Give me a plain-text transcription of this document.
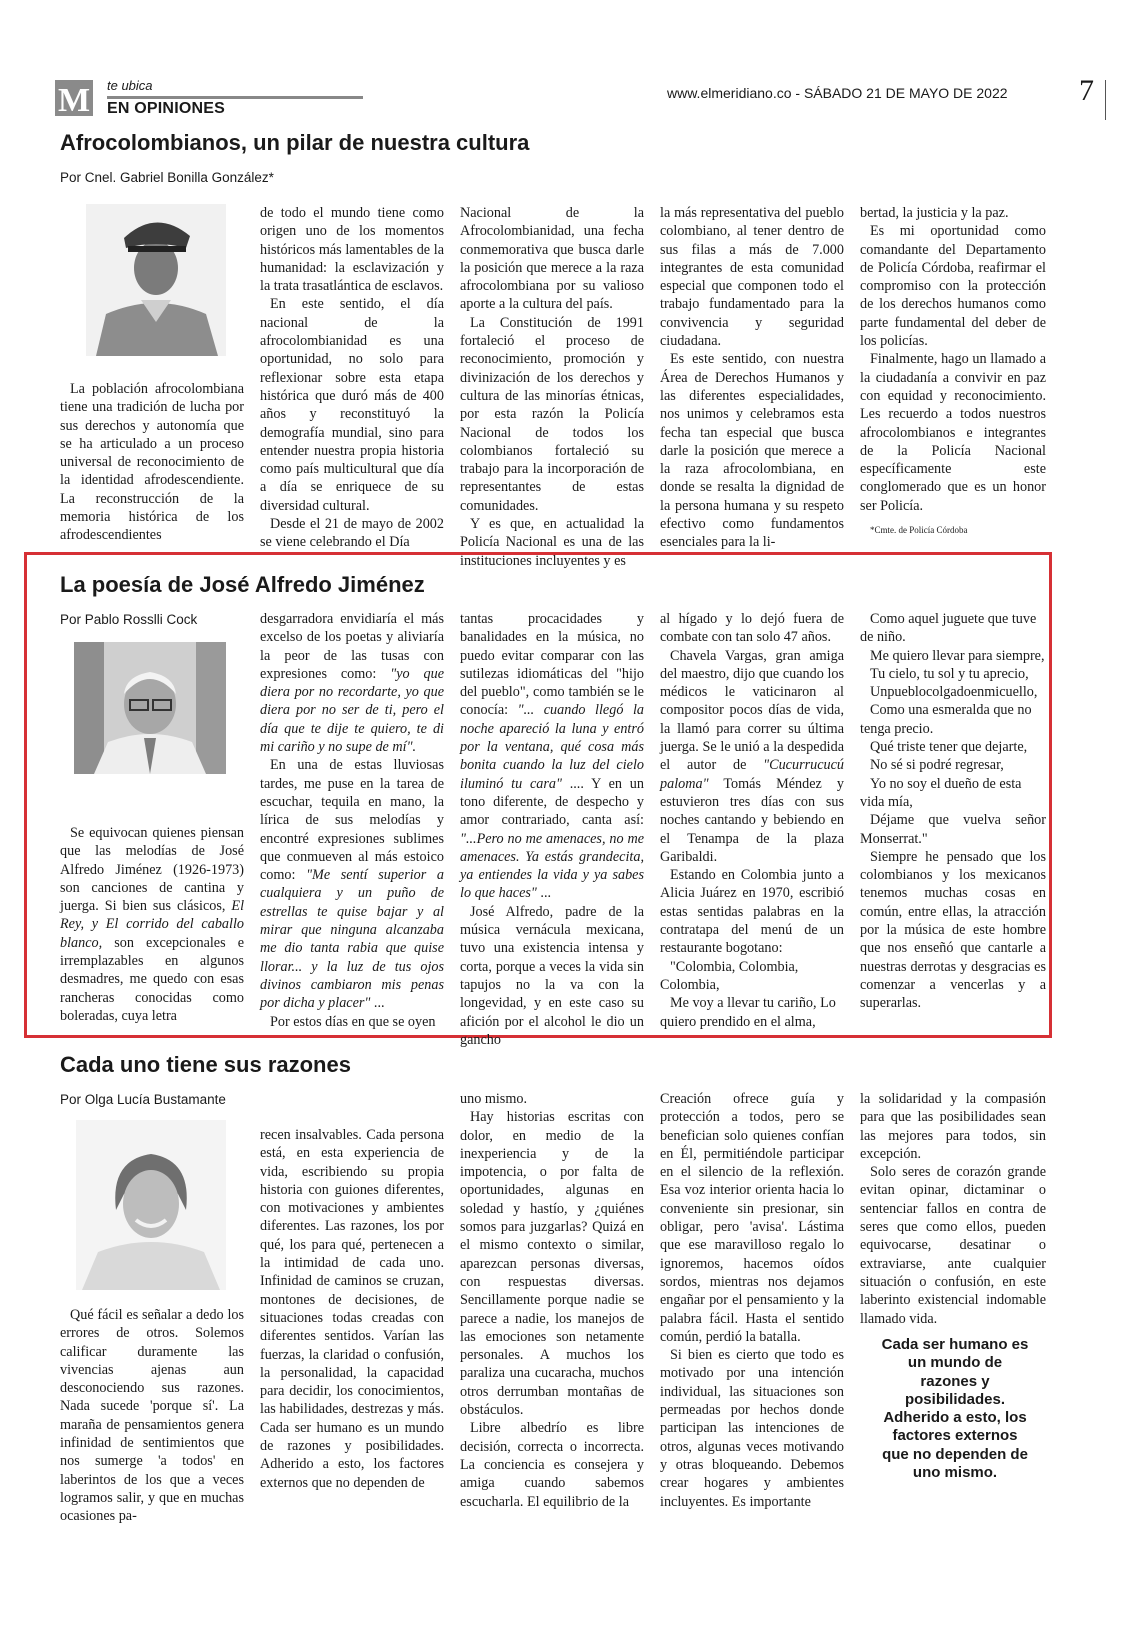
M te ubica
EN OPINIONES
www.elmeridiano.co - SÁBADO 21 DE MAYO DE 2022 7
Afrocolombianos, un pilar de nuestra cultura
Por Cnel. Gabriel Bonilla González*

La población afrocolombiana tiene una tradición de lucha por sus derechos y autonomía que se ha articulado a un proceso universal de reconocimiento de la identidad afrodescendiente. La reconstrucción de la memoria histórica de los afrodescendientes

de todo el mundo tiene como origen uno de los momentos históricos más lamentables de la humanidad: la esclavización y la trata trasatlántica de esclavos.

En este sentido, el día nacional de la afrocolombianidad es una oportunidad, no solo para reflexionar sobre esta etapa histórica que duró más de 400 años y reconstituyó la demografía mundial, sino para entender nuestra propia historia como país multicultural que día a día se enriquece de su diversidad cultural.

Desde el 21 de mayo de 2002 se viene celebrando el Día

Nacional de la Afrocolombianidad, una fecha conmemorativa que busca darle la posición que merece a la raza afrocolombiana por su valioso aporte a la cultura del país.

La Constitución de 1991 fortaleció el proceso de reconocimiento, promoción y divinización de los derechos y cultura de las minorías étnicas, por esta razón la Policía Nacional de todos los colombianos fortaleció su trabajo para la incorporación de representantes de estas comunidades.

Y es que, en actualidad la Policía Nacional es una de las instituciones incluyentes y es

la más representativa del pueblo colombiano, al tener dentro de sus filas a más de 7.000 integrantes de esta comunidad especial que componen todo el trabajo fundamentado para la convivencia y seguridad ciudadana.

Es este sentido, con nuestra Área de Derechos Humanos y las diferentes especialidades, nos unimos y celebramos esta fecha tan especial que busca darle la posición que merece a la raza afrocolombiana, en donde se resalta la dignidad de la persona humana y su respeto efectivo como fundamentos esenciales para la li-

bertad, la justicia y la paz.

Es mi oportunidad como comandante del Departamento de Policía Córdoba, reafirmar el compromiso con la protección de los derechos humanos como parte fundamental del deber de los policías.

Finalmente, hago un llamado a la ciudadanía a convivir en paz con equidad y reconocimiento. Les recuerdo a todos nuestros afrocolombianos e integrantes de la Policía Nacional específicamente este conglomerado que es un honor ser Policía.

*Cmte. de Policía Córdoba

La poesía de José Alfredo Jiménez
Por Pablo Rosslli Cock

Se equivocan quienes piensan que las melodías de José Alfredo Jiménez (1926-1973) son canciones de cantina y juerga. Si bien sus clásicos, El Rey, y El corrido del caballo blanco, son excepcionales e irremplazables en algunos desmadres, me quedo con esas rancheras conocidas como boleradas, cuya letra

desgarradora envidiaría el más excelso de los poetas y aliviaría la peor de las tusas con expresiones como: "yo que diera por no recordarte, yo que diera por no ser de ti, pero el día que te dije te quiero, te di mi cariño y no supe de mí".

En una de estas lluviosas tardes, me puse en la tarea de escuchar, tequila en mano, la lírica de sus melodías y encontré expresiones sublimes que conmueven al más estoico como: "Me sentí superior a cualquiera y un puño de estrellas te quise bajar y al mirar que ninguna alcanzaba me dio tanta rabia que quise llorar... y la luz de tus ojos divinos cambiaron mis penas por dicha y placer" ...

Por estos días en que se oyen

tantas procacidades y banalidades en la música, no puedo evitar comparar con las sutilezas idiomáticas del "hijo del pueblo", como también se le conocía: "... cuando llegó la noche apareció la luna y entró por la ventana, qué cosa más bonita cuando la luz del cielo iluminó tu cara" .... Y en un tono diferente, de despecho y amor contrariado, canta así: "...Pero no me amenaces, no me amenaces. Ya estás grandecita, ya entiendes la vida y ya sabes lo que haces" ...

José Alfredo, padre de la música vernácula mexicana, tuvo una existencia intensa y corta, porque a veces la vida sin tapujos no la va con la longevidad, y en este caso su afición por el alcohol le dio un gancho

al hígado y lo dejó fuera de combate con tan solo 47 años.

Chavela Vargas, gran amiga del maestro, dijo que cuando los médicos le vaticinaron al compositor pocos días de vida, la llamó para correr su última juerga. Se le unió a la despedida el autor de "Cucurrucucú paloma" Tomás Méndez y estuvieron tres días con sus noches cantando y bebiendo en el Tenampa de la plaza Garibaldi.

Estando en Colombia junto a Alicia Juárez en 1970, escribió estas sentidas palabras en la contratapa del menú de un restaurante bogotano:

"Colombia, Colombia, Colombia,

Me voy a llevar tu cariño, Lo quiero prendido en el alma,

Como aquel juguete que tuve de niño.

Me quiero llevar para siempre,

Tu cielo, tu sol y tu aprecio,

Unpueblocolgadoenmicuello,

Como una esmeralda que no tenga precio.

Qué triste tener que dejarte,

No sé si podré regresar,

Yo no soy el dueño de esta vida mía,

Déjame que vuelva señor Monserrat."

Siempre he pensado que los colombianos y los mexicanos tenemos muchas cosas en común, entre ellas, la atracción por la música de este hombre que nos enseñó que cantarle a nuestras derrotas y desgracias es comenzar a vencerlas y a superarlas.

Cada uno tiene sus razones
Por Olga Lucía Bustamante

Qué fácil es señalar a dedo los errores de otros. Solemos calificar duramente las vivencias ajenas aun desconociendo sus razones. Nada sucede 'porque sí'. La maraña de pensamientos genera infinidad de sentimientos que nos sumerge 'a todos' en laberintos de los que a veces logramos salir, y que en muchas ocasiones pa-

recen insalvables. Cada persona está, en esta experiencia de vida, escribiendo su propia historia con guiones diferentes, con motivaciones y ambientes diferentes. Las razones, los por qué, los para qué, pertenecen a la intimidad de cada uno. Infinidad de caminos se cruzan, montones de decisiones, de situaciones todas creadas con diferentes sentidos. Varían las fuerzas, la claridad o confusión, la personalidad, la capacidad para decidir, los conocimientos, las habilidades, destrezas y más. Cada ser humano es un mundo de razones y posibilidades. Adherido a esto, los factores externos que no dependen de

uno mismo.

Hay historias escritas con dolor, en medio de la inexperiencia y de la impotencia, o por falta de oportunidades, algunas en soledad y hastío, y ¿quiénes somos para juzgarlas? Quizá en el mismo contexto o similar, aparezcan personas diversas, con respuestas diversas. Sencillamente porque nadie se parece a nadie, los manejos de las emociones son netamente personales. A muchos los paraliza una cucaracha, muchos otros derrumban montañas de obstáculos.

Libre albedrío es libre decisión, correcta o incorrecta. La conciencia es consejera y amiga cuando sabemos escucharla. El equilibrio de la

Creación ofrece guía y protección a todos, pero se benefician solo quienes confían en Él, permitiéndole participar en el silencio de la reflexión. Esa voz interior orienta hacia lo conveniente sin presionar, sin obligar, pero 'avisa'. Lástima que ese maravilloso regalo lo ignoremos, hacemos oídos sordos, mientras nos dejamos engañar por el pensamiento y la palabra fácil. Hasta el sentido común, perdió la batalla.

Si bien es cierto que todo es motivado por una intención individual, las situaciones son permeadas por hechos donde participan las intenciones de otros, algunas veces motivando y otras bloqueando. Debemos crear hogares y ambientes incluyentes. Es importante

la solidaridad y la compasión para que las posibilidades sean las mejores para todos, sin excepción.

Solo seres de corazón grande evitan opinar, dictaminar o sentenciar fallos en contra de seres que como ellos, pueden equivocarse, desatinar o extraviarse, ante cualquier situación o confusión, en este laberinto existencial indomable llamado vida.

Cada ser humano es un mundo de razones y posibilidades. Adherido a esto, los factores externos que no dependen de uno mismo.
